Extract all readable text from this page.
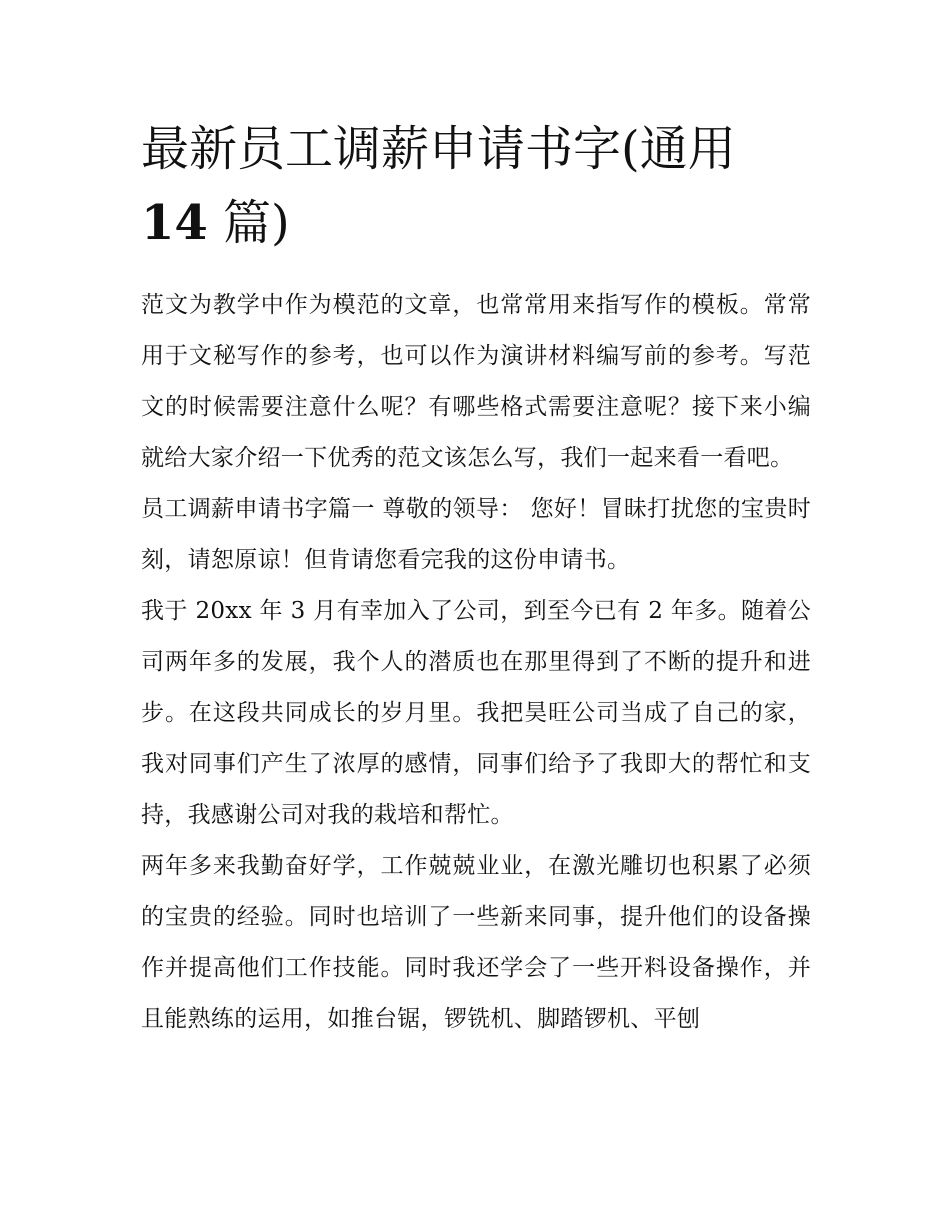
最新员工调薪申请书字(通用
14 篇)

范文为教学中作为模范的文章，也常常用来指写作的模板。常常用于文秘写作的参考，也可以作为演讲材料编写前的参考。写范文的时候需要注意什么呢？有哪些格式需要注意呢？接下来小编就给大家介绍一下优秀的范文该怎么写，我们一起来看一看吧。

员工调薪申请书字篇一 尊敬的领导： 您好！冒昧打扰您的宝贵时刻，请恕原谅！但肯请您看完我的这份申请书。

我于 20xx 年 3 月有幸加入了公司，到至今已有 2 年多。随着公司两年多的发展，我个人的潜质也在那里得到了不断的提升和进步。在这段共同成长的岁月里。我把昊旺公司当成了自己的家，我对同事们产生了浓厚的感情，同事们给予了我即大的帮忙和支持，我感谢公司对我的栽培和帮忙。

两年多来我勤奋好学，工作兢兢业业，在激光雕切也积累了必须的宝贵的经验。同时也培训了一些新来同事，提升他们的设备操作并提高他们工作技能。同时我还学会了一些开料设备操作，并且能熟练的运用，如推台锯，锣铣机、脚踏锣机、平刨
